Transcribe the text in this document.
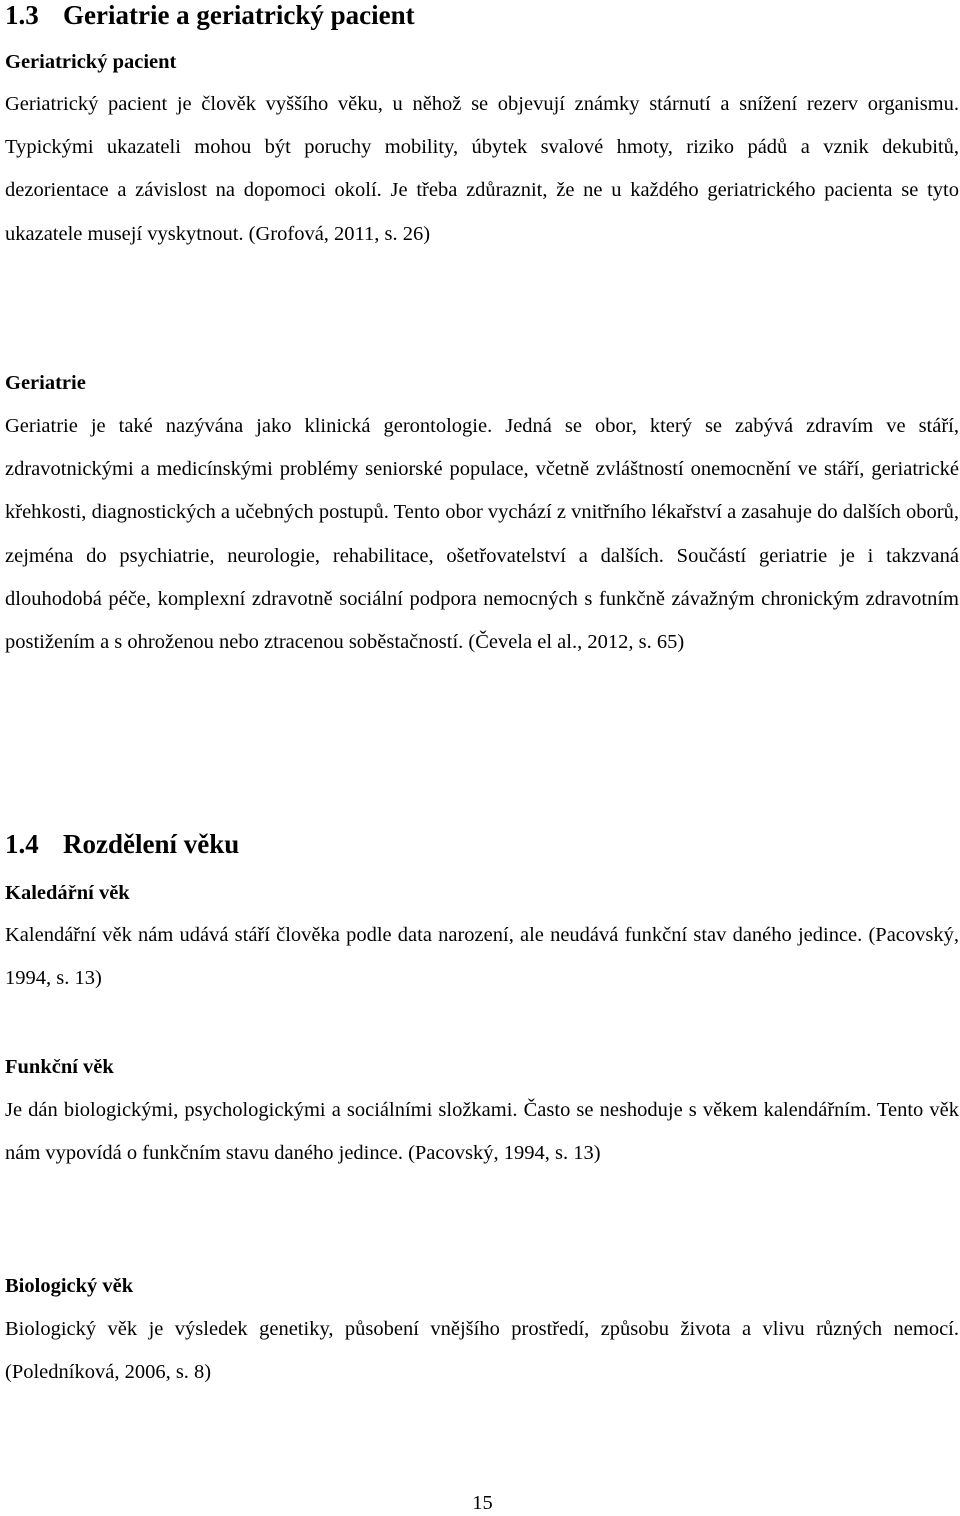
1.3 Geriatrie a geriatrický pacient
Geriatrický pacient

Geriatrický pacient je člověk vyššího věku, u něhož se objevují známky stárnutí a snížení rezerv organismu. Typickými ukazateli mohou být poruchy mobility, úbytek svalové hmoty, riziko pádů a vznik dekubitů, dezorientace a závislost na dopomoci okolí. Je třeba zdůraznit, že ne u každého geriatrického pacienta se tyto ukazatele musejí vyskytnout. (Grofová, 2011, s. 26)

Geriatrie

Geriatrie je také nazývána jako klinická gerontologie. Jedná se obor, který se zabývá zdravím ve stáří, zdravotnickými a medicínskými problémy seniorské populace, včetně zvláštností onemocnění ve stáří, geriatrické křehkosti, diagnostických a učebných postupů. Tento obor vychází z vnitřního lékařství a zasahuje do dalších oborů, zejména do psychiatrie, neurologie, rehabilitace, ošetřovatelství a dalších. Součástí geriatrie je i takzvaná dlouhodobá péče, komplexní zdravotně sociální podpora nemocných s funkčně závažným chronickým zdravotním postižením a s ohroženou nebo ztracenou soběstačností. (Čevela el al., 2012, s. 65)

1.4 Rozdělení věku
Kaledářní věk

Kalendářní věk nám udává stáří člověka podle data narození, ale neudává funkční stav daného jedince. (Pacovský, 1994, s. 13)

Funkční věk

Je dán biologickými, psychologickými a sociálními složkami. Často se neshoduje s věkem kalendářním. Tento věk nám vypovídá o funkčním stavu daného jedince. (Pacovský, 1994, s. 13)

Biologický věk

Biologický věk je výsledek genetiky, působení vnějšího prostředí, způsobu života a vlivu různých nemocí. (Poledníková, 2006, s. 8)

15
